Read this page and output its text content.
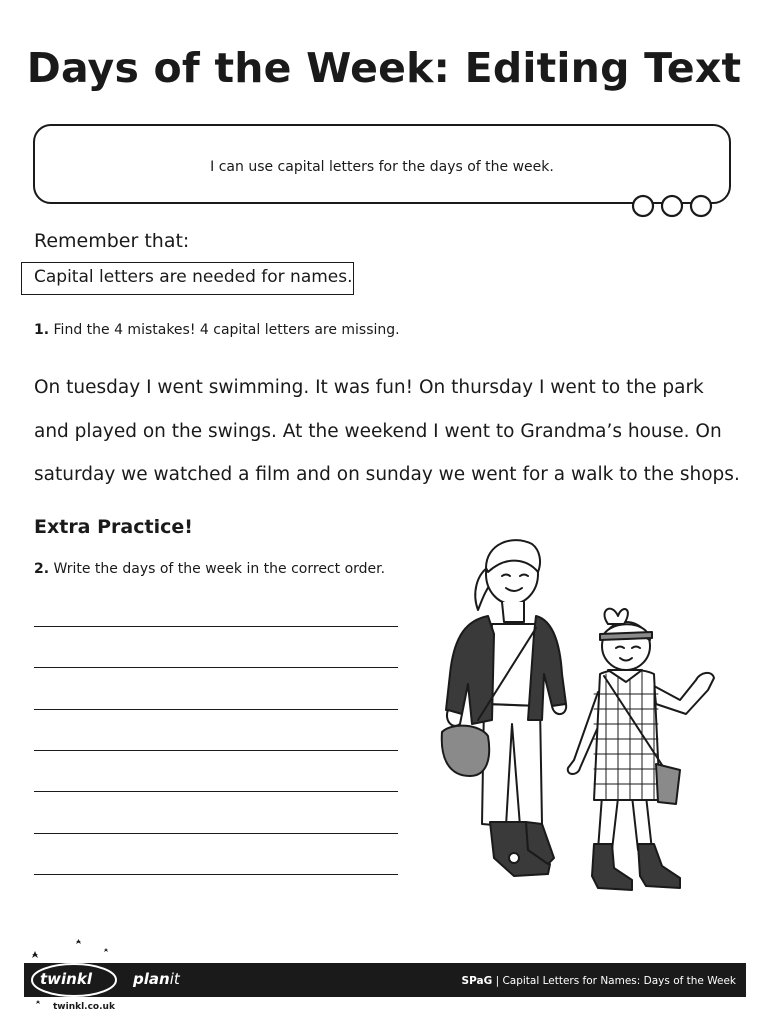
Days of the Week: Editing Text
I can use capital letters for the days of the week.
Remember that:
Capital letters are needed for names.
1. Find the 4 mistakes! 4 capital letters are missing.
On tuesday I went swimming. It was fun! On thursday I went to the park
and played on the swings. At the weekend I went to Grandma’s house. On
saturday we watched a film and on sunday we went for a walk to the shops.
Extra Practice!
2. Write the days of the week in the correct order.
twinkl
twinkl.co.uk
planit	SPaG | Capital Letters for Names: Days of the Week
